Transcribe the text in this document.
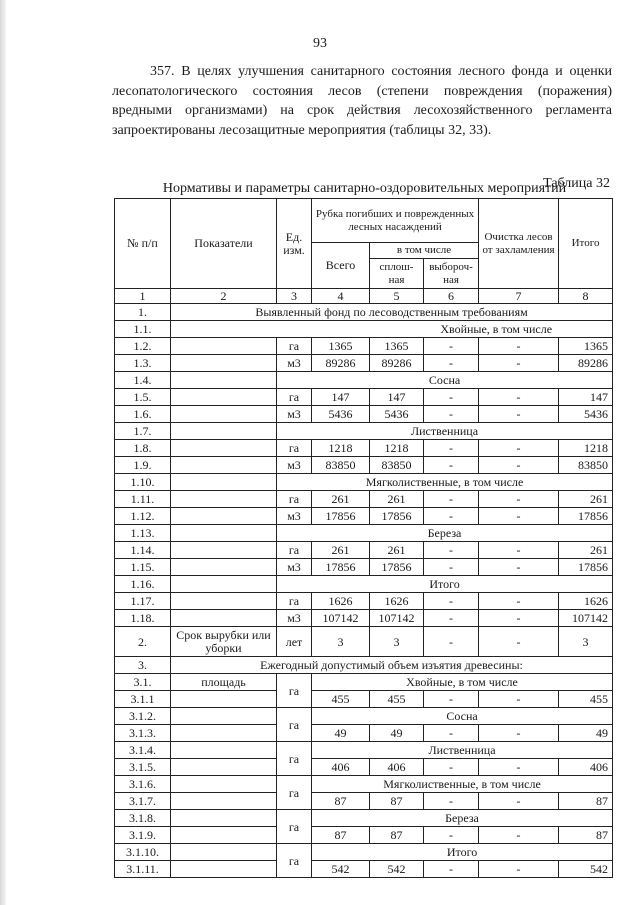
93

357. В целях улучшения санитарного состояния лесного фонда и оценки лесопатологического состояния лесов (степени повреждения (поражения) вредными организмами) на срок действия лесохозяйственного регламента запроектированы лесозащитные мероприятия (таблицы 32, 33).

Таблица 32

Нормативы и параметры санитарно-оздоровительных мероприятий

№ п/п	Показатели	Ед. изм.	Рубка погибших и поврежденных лесных насаждений			Очистка лесов от захламления	Итого
			Всего	в том числе			
				сплош-ная	выбороч-ная		
1	2	3	4	5	6	7	8
1.	Выявленный фонд по лесоводственным требованиям						
1.1.	Хвойные, в том числе						
1.2.		га	1365	1365	-	-	1365
1.3.		м3	89286	89286	-	-	89286
1.4.		Сосна					
1.5.		га	147	147	-	-	147
1.6.		м3	5436	5436	-	-	5436
1.7.		Лиственница					
1.8.		га	1218	1218	-	-	1218
1.9.		м3	83850	83850	-	-	83850
1.10.		Мягколиственные, в том числе					
1.11.		га	261	261	-	-	261
1.12.		м3	17856	17856	-	-	17856
1.13.		Береза					
1.14.		га	261	261	-	-	261
1.15.		м3	17856	17856	-	-	17856
1.16.		Итого					
1.17.		га	1626	1626	-	-	1626
1.18.		м3	107142	107142	-	-	107142
2.	Срок вырубки или уборки	лет	3	3	-	-	3
3.	Ежегодный допустимый объем изъятия древесины:						
3.1.	площадь	га	Хвойные, в том числе				
3.1.1			455	455	-	-	455
3.1.2.		га	Сосна				
3.1.3.			49	49	-	-	49
3.1.4.		га	Лиственница				
3.1.5.			406	406	-	-	406
3.1.6.		га	Мягколиственные, в том числе				
3.1.7.			87	87	-	-	87
3.1.8.		га	Береза				
3.1.9.			87	87	-	-	87
3.1.10.		га	Итого				
3.1.11.			542	542	-	-	542
